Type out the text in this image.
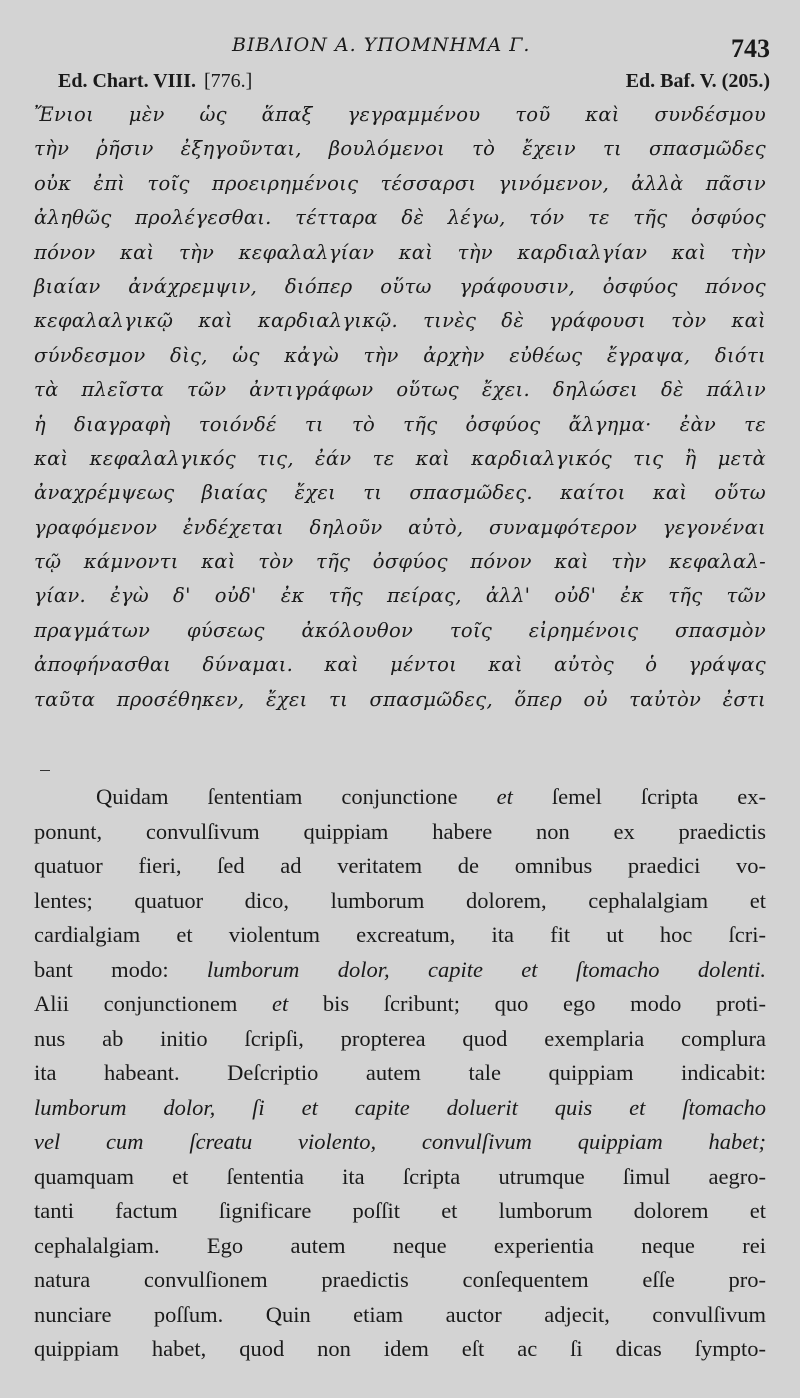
ΒΙΒΛΙΟΝ Α. ΥΠΟΜΝΗΜΑ Γ.	743
Ed. Chart. VIII. [776.]	Ed. Baf. V. (205.)
Ἔνιοι μὲν ὡς ἅπαξ γεγραμμένου τοῦ καὶ συνδέσμου
τὴν ῥῆσιν ἐξηγοῦνται, βουλόμενοι τὸ ἔχειν τι σπασμῶδες
οὐκ ἐπὶ τοῖς προειρημένοις τέσσαρσι γινόμενον, ἀλλὰ πᾶσιν
ἀληθῶς προλέγεσθαι. τέτταρα δὲ λέγω, τόν τε τῆς ὀσφύος
πόνον καὶ τὴν κεφαλαλγίαν καὶ τὴν καρδιαλγίαν καὶ τὴν
βιαίαν ἀνάχρεμψιν, διόπερ οὕτω γράφουσιν, ὀσφύος πόνος
κεφαλαλγικῷ καὶ καρδιαλγικῷ. τινὲς δὲ γράφουσι τὸν καὶ
σύνδεσμον δὶς, ὡς κἀγὼ τὴν ἀρχὴν εὐθέως ἔγραψα, διότι
τὰ πλεῖστα τῶν ἀντιγράφων οὕτως ἔχει. δηλώσει δὲ πάλιν
ἡ διαγραφὴ τοιόνδέ τι τὸ τῆς ὀσφύος ἄλγημα· ἐὰν τε
καὶ κεφαλαλγικός τις, ἐάν τε καὶ καρδιαλγικός τις ἢ μετὰ
ἀναχρέμψεως βιαίας ἔχει τι σπασμῶδες. καίτοι καὶ οὕτω
γραφόμενον ἐνδέχεται δηλοῦν αὐτὸ, συναμφότερον γεγονέναι
τῷ κάμνοντι καὶ τὸν τῆς ὀσφύος πόνον καὶ τὴν κεφαλαλ-
γίαν. ἐγὼ δ' οὐδ' ἐκ τῆς πείρας, ἀλλ' οὐδ' ἐκ τῆς τῶν
πραγμάτων φύσεως ἀκόλουθον τοῖς εἰρημένοις σπασμὸν
ἀποφήνασθαι δύναμαι. καὶ μέντοι καὶ αὐτὸς ὁ γράψας
ταῦτα προσέθηκεν, ἔχει τι σπασμῶδες, ὅπερ οὐ ταὐτὸν ἐστι
Quidam ſententiam conjunctione et ſemel ſcripta ex-
ponunt, convulſivum quippiam habere non ex praedictis
quatuor fieri, ſed ad veritatem de omnibus praedici vo-
lentes; quatuor dico, lumborum dolorem, cephalalgiam et
cardialgiam et violentum excreatum, ita fit ut hoc ſcri-
bant modo: lumborum dolor, capite et ſtomacho dolenti.
Alii conjunctionem et bis ſcribunt; quo ego modo proti-
nus ab initio ſcripſi, propterea quod exemplaria complura
ita habeant. Deſcriptio autem tale quippiam indicabit:
lumborum dolor, ſi et capite doluerit quis et ſtomacho
vel cum ſcreatu violento, convulſivum quippiam habet;
quamquam et ſententia ita ſcripta utrumque ſimul aegro-
tanti factum ſignificare poſſit et lumborum dolorem et
cephalalgiam. Ego autem neque experientia neque rei
natura convulſionem praedictis conſequentem eſſe pro-
nunciare poſſum. Quin etiam auctor adjecit, convulſivum
quippiam habet, quod non idem eſt ac ſi dicas ſympto-
